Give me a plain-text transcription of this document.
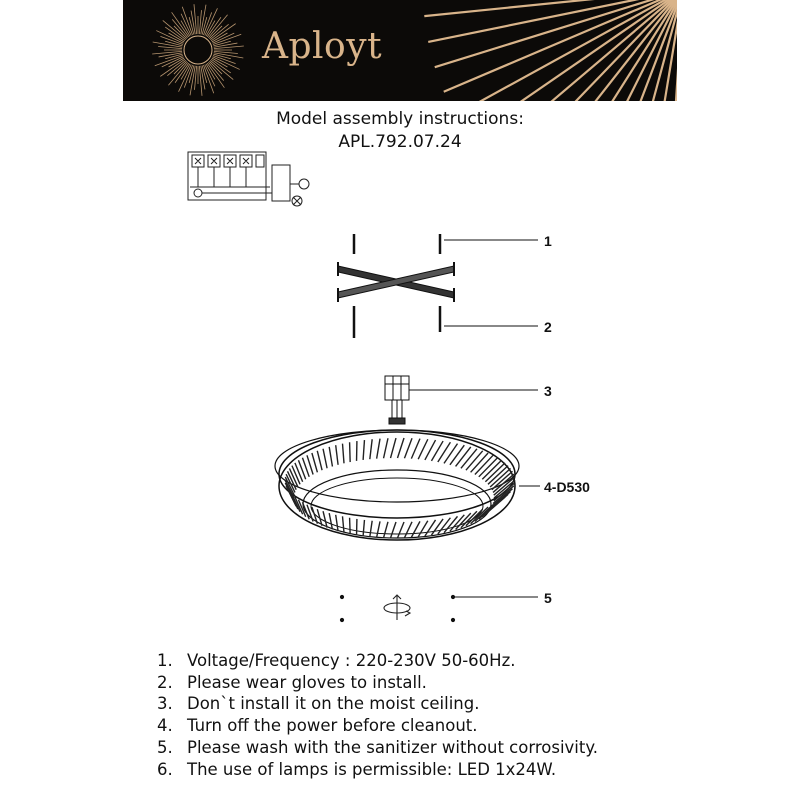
Aployt
Model assembly instructions:
APL.792.07.24
1
2
3
4-D530
5
1. Voltage/Frequency : 220-230V 50-60Hz.
2. Please wear gloves to install.
3. Don`t install it on the moist ceiling.
4. Turn off the power before cleanout.
5. Please wash with the sanitizer without corrosivity.
6. The use of lamps is permissible: LED 1x24W.
